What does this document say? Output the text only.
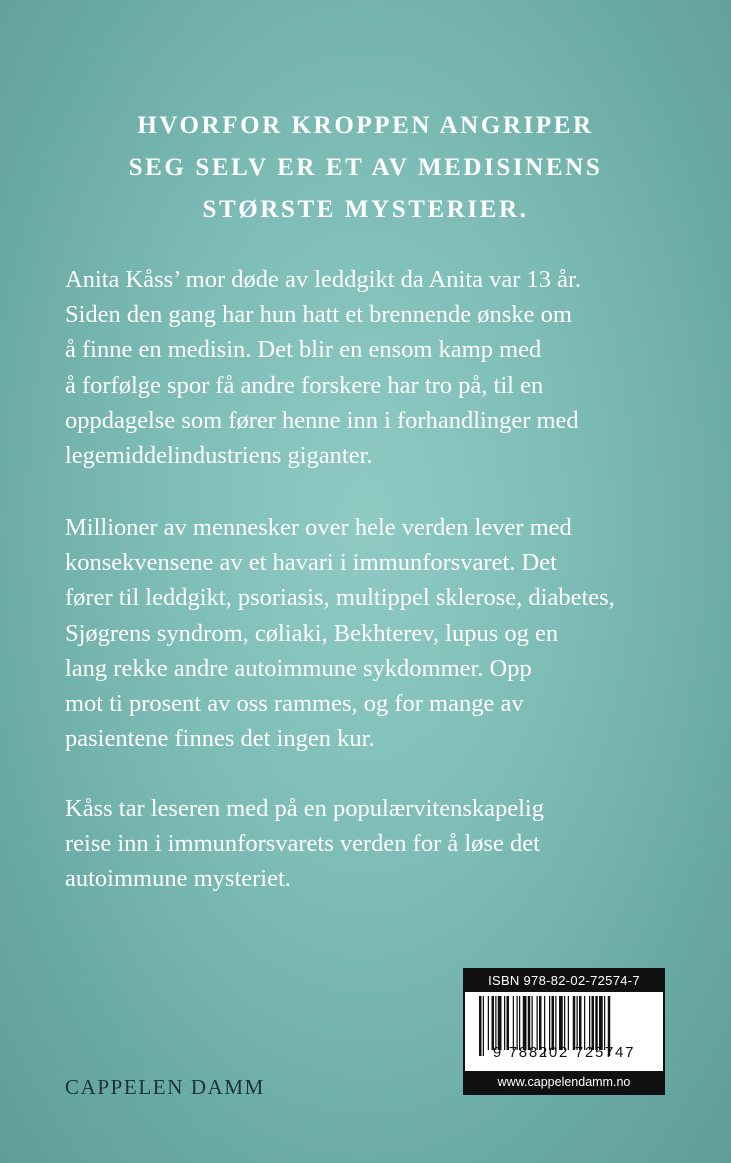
HVORFOR KROPPEN ANGRIPER
SEG SELV ER ET AV MEDISINENS
STØRSTE MYSTERIER.
Anita Kåss’ mor døde av leddgikt da Anita var 13 år.
Siden den gang har hun hatt et brennende ønske om
å finne en medisin. Det blir en ensom kamp med
å forfølge spor få andre forskere har tro på, til en
oppdagelse som fører henne inn i forhandlinger med
legemiddelindustriens giganter.
Millioner av mennesker over hele verden lever med
konsekvensene av et havari i immunforsvaret. Det
fører til leddgikt, psoriasis, multippel sklerose, diabetes,
Sjøgrens syndrom, cøliaki, Bekhterev, lupus og en
lang rekke andre autoimmune sykdommer. Opp
mot ti prosent av oss rammes, og for mange av
pasientene finnes det ingen kur.
Kåss tar leseren med på en populærvitenskapelig
reise inn i immunforsvarets verden for å løse det
autoimmune mysteriet.
CAPPELEN DAMM
ISBN 978-82-02-72574-7
9 788202 725747
www.cappelendamm.no
